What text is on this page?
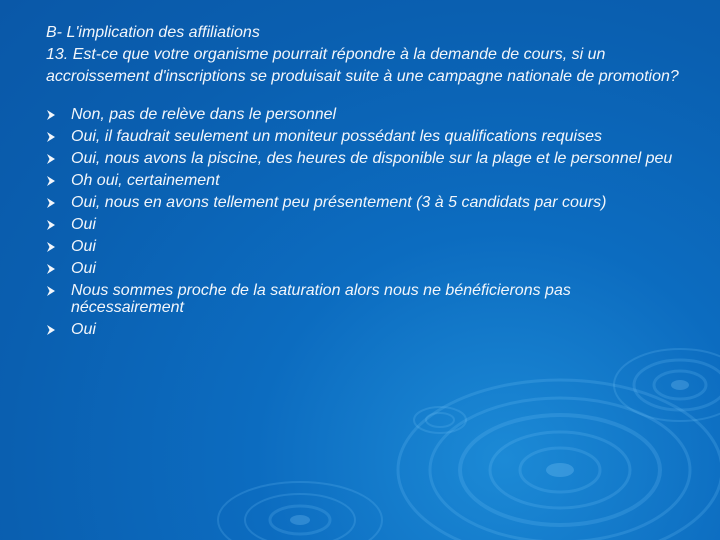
B- L'implication des affiliations

13. Est-ce que votre organisme pourrait répondre à la demande de cours, si un accroissement d'inscriptions se produisait suite à une campagne nationale de promotion?

Non, pas de relève dans le personnel
Oui, il faudrait seulement un moniteur possédant les qualifications requises
Oui, nous avons la piscine, des heures de disponible sur la plage et le personnel peu
Oh oui, certainement
Oui, nous en avons tellement peu présentement (3 à 5 candidats par cours)
Oui
Oui
Oui
Nous sommes proche de la saturation alors nous ne bénéficierons pas nécessairement
Oui
